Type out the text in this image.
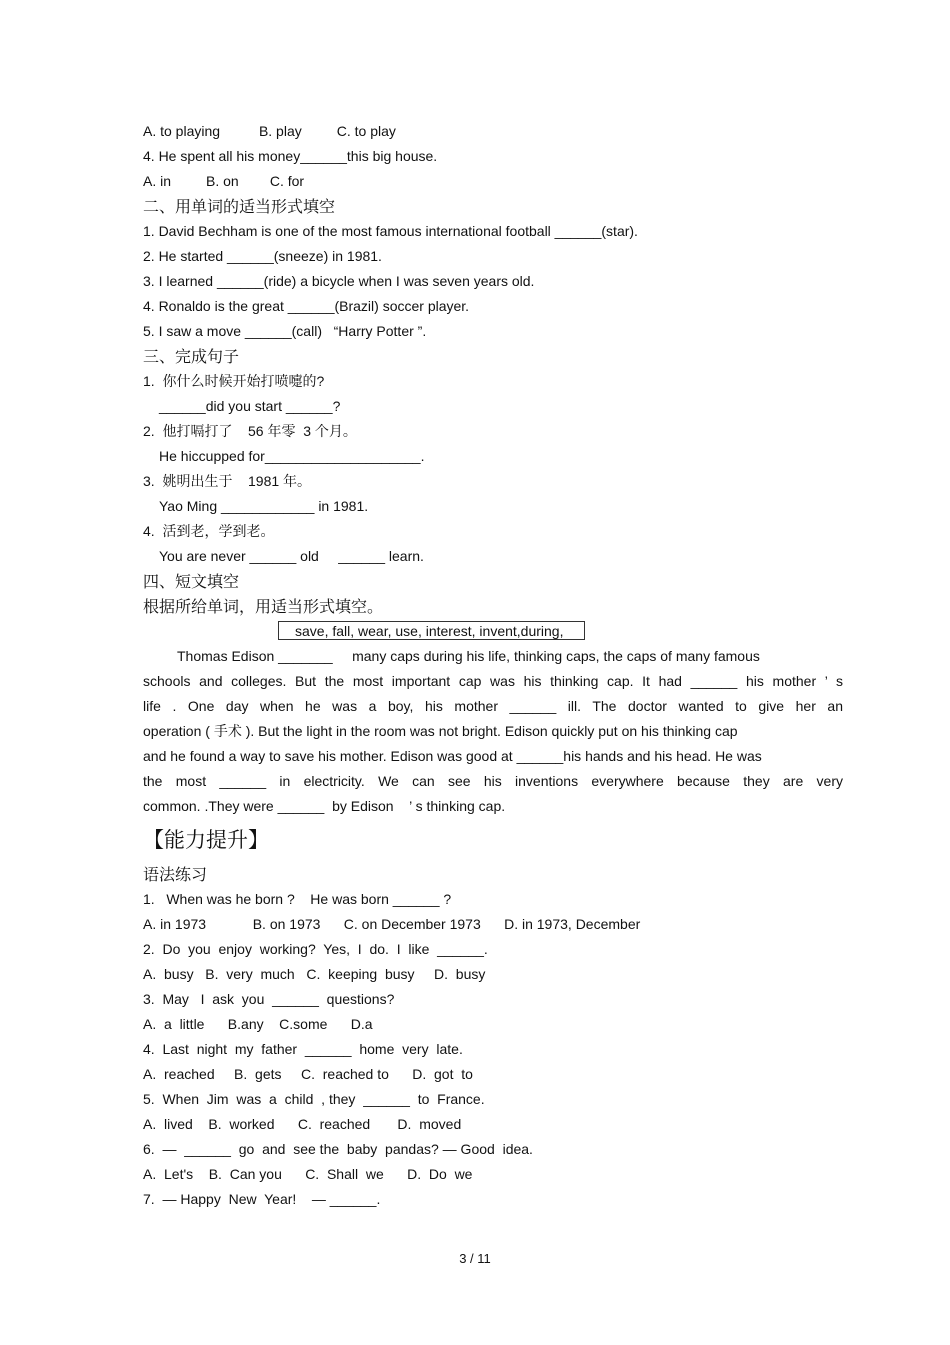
A. to playing          B. play         C. to play
4. He spent all his money______this big house.
A. in         B. on        C. for
二、用单词的适当形式填空
1. David Bechham is one of the most famous international football ______(star).
2. He started ______(sneeze) in 1981.
3. I learned ______(ride) a bicycle when I was seven years old.
4. Ronaldo is the great ______(Brazil) soccer player.
5. I saw a move ______(call)   “Harry Potter ”.
三、完成句子
1.  你什么时候开始打喷嚏的?
______did you start ______?
2.  他打嗝打了    56 年零  3 个月。
He hiccupped for____________________.
3.  姚明出生于    1981 年。
Yao Ming ____________ in 1981.
4.  活到老，学到老。
You are never ______ old     ______ learn.
四、短文填空
根据所给单词，用适当形式填空。
save, fall, wear, use, interest, invent,during,
Thomas Edison _______     many caps during his life, thinking caps, the caps of many famous
schools and colleges. But the most important cap was his thinking cap. It had ______ his mother ’ s
life . One day when he was a boy, his mother ______ ill. The doctor wanted to give her an
operation ( 手术 ). But the light in the room was not bright. Edison quickly put on his thinking cap
and he found a way to save his mother. Edison was good at ______his hands and his head. He was
the most ______ in electricity. We can see his inventions everywhere because they are very
common. .They were ______  by Edison    ’ s thinking cap.
【能力提升】
语法练习
1.   When was he born ?    He was born ______ ?
A. in 1973            B. on 1973      C. on December 1973      D. in 1973, December
2.  Do  you  enjoy  working?  Yes,  I  do.  I  like  ______.
A.  busy   B.  very  much   C.  keeping  busy     D.  busy
3.  May   I  ask  you  ______  questions?
A.  a  little      B.any    C.some      D.a
4.  Last  night  my  father  ______  home  very  late.
A.  reached     B.  gets     C.  reached to      D.  got  to
5.  When  Jim  was  a  child  , they  ______  to  France.
A.  lived    B.  worked      C.  reached       D.  moved
6.  —  ______  go  and  see the  baby  pandas? — Good  idea.
A.  Let's    B.  Can you      C.  Shall  we      D.  Do  we
7.  — Happy  New  Year!    — ______.
3 / 11
